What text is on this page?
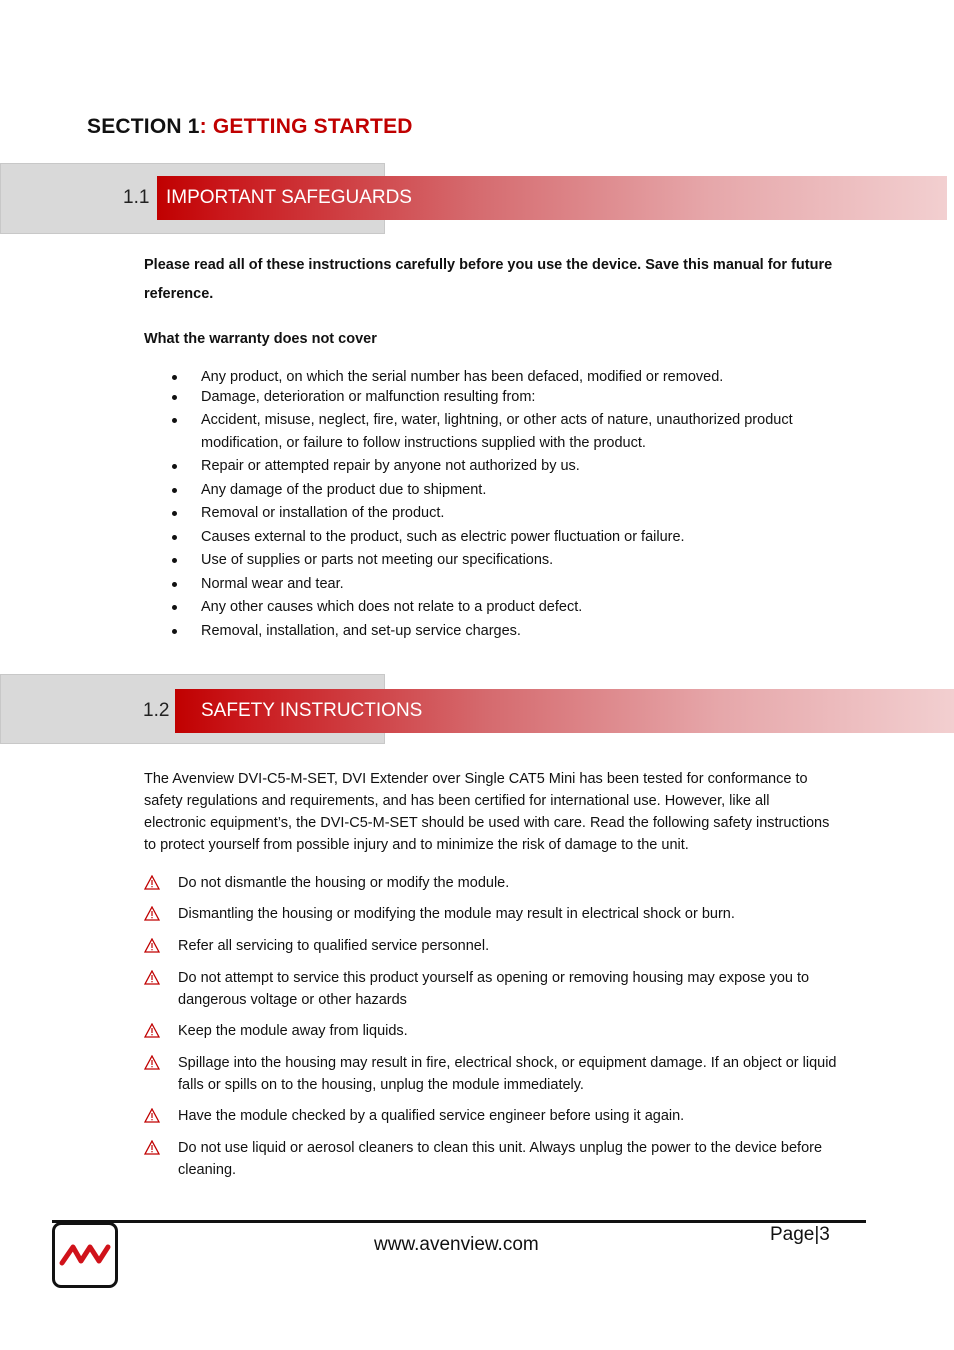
SECTION 1: GETTING STARTED
1.1 IMPORTANT SAFEGUARDS
Please read all of these instructions carefully before you use the device. Save this manual for future reference.
What the warranty does not cover
Any product, on which the serial number has been defaced, modified or removed.
Damage, deterioration or malfunction resulting from:
Accident, misuse, neglect, fire, water, lightning, or other acts of nature, unauthorized product modification, or failure to follow instructions supplied with the product.
Repair or attempted repair by anyone not authorized by us.
Any damage of the product due to shipment.
Removal or installation of the product.
Causes external to the product, such as electric power fluctuation or failure.
Use of supplies or parts not meeting our specifications.
Normal wear and tear.
Any other causes which does not relate to a product defect.
Removal, installation, and set-up service charges.
1.2 SAFETY INSTRUCTIONS
The Avenview DVI-C5-M-SET, DVI Extender over Single CAT5 Mini has been tested for conformance to safety regulations and requirements, and has been certified for international use. However, like all electronic equipment’s, the DVI-C5-M-SET should be used with care. Read the following safety instructions to protect yourself from possible injury and to minimize the risk of damage to the unit.
Do not dismantle the housing or modify the module.
Dismantling the housing or modifying the module may result in electrical shock or burn.
Refer all servicing to qualified service personnel.
Do not attempt to service this product yourself as opening or removing housing may expose you to dangerous voltage or other hazards
Keep the module away from liquids.
Spillage into the housing may result in fire, electrical shock, or equipment damage. If an object or liquid falls or spills on to the housing, unplug the module immediately.
Have the module checked by a qualified service engineer before using it again.
Do not use liquid or aerosol cleaners to clean this unit. Always unplug the power to the device before cleaning.
www.avenview.com	Page|3
